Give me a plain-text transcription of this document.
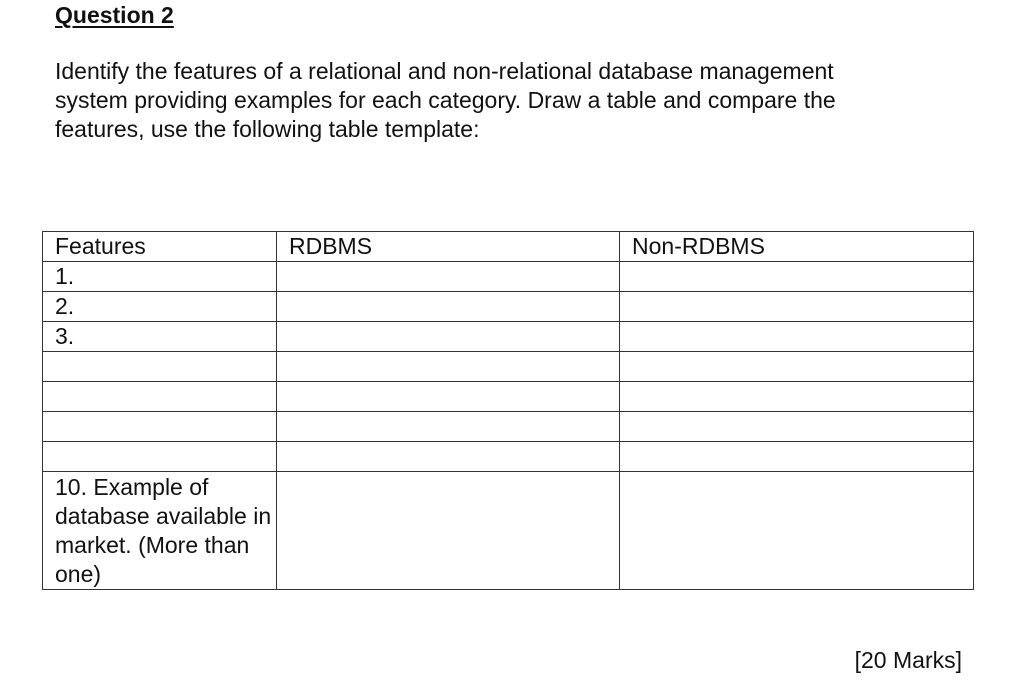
Question 2

Identify the features of a relational and non-relational database management
system providing examples for each category. Draw a table and compare the
features, use the following table template:

Features	RDBMS	Non-RDBMS
1.		
2.		
3.		

10. Example of database available in market. (More than one)		

[20 Marks]
